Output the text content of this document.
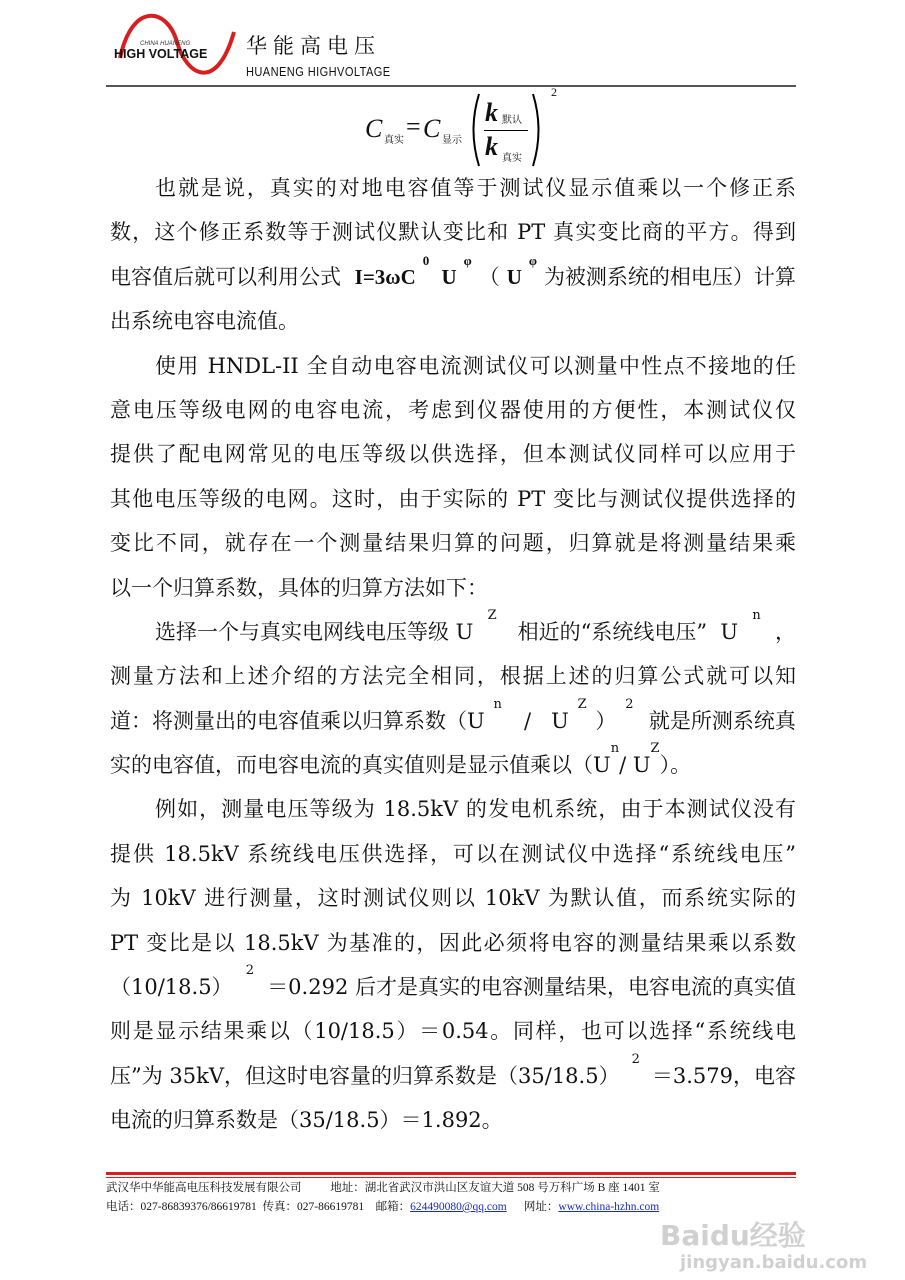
CHINA HUANENG
HIGH VOLTAGE 华能高电压
HUANENG HIGHVOLTAGE
C 真实 = C 显示
k 默认
k 真实
2
也就是说，真实的对地电容值等于测试仪显示值乘以一个修正系
数，这个修正系数等于测试仪默认变比和 PT 真实变比商的平方。得到
电容值后就可以利用公式 I=3ωC
0
U
φ
（ U
φ
为被测系统的相电压）计算
出系统电容电流值。
使用 HNDL-II 全自动电容电流测试仪可以测量中性点不接地的任
意电压等级电网的电容电流，考虑到仪器使用的方便性，本测试仪仅
提供了配电网常见的电压等级以供选择，但本测试仪同样可以应用于
其他电压等级的电网。这时，由于实际的 PT 变比与测试仪提供选择的
变比不同，就存在一个测量结果归算的问题，归算就是将测量结果乘
以一个归算系数，具体的归算方法如下：
选择一个与真实电网线电压等级 U
Z
相近的“系统线电压”  U
n
，
测量方法和上述介绍的方法完全相同，根据上述的归算公式就可以知
道：将测量出的电容值乘以归算系数（U
n
/   U
Z
）
2
就是所测系统真
实的电容值，而电容电流的真实值则是显示值乘以（U
n
/ U
Z
）。
例如，测量电压等级为 18.5kV 的发电机系统，由于本测试仪没有
提供 18.5kV 系统线电压供选择，可以在测试仪中选择“系统线电压”
为 10kV 进行测量，这时测试仪则以 10kV 为默认值，而系统实际的
PT 变比是以 18.5kV 为基准的，因此必须将电容的测量结果乘以系数
（10/18.5）
2
＝0.292 后才是真实的电容测量结果，电容电流的真实值
则是显示结果乘以（10/18.5）＝0.54。同样，也可以选择“系统线电
压”为 35kV，但这时电容量的归算系数是（35/18.5）
2
＝3.579，电容
电流的归算系数是（35/18.5）＝1.892。
武汉华中华能高电压科技发展有限公司	地址：湖北省武汉市洪山区友谊大道 508 号万科广场 B 座 1401 室
电话：027-86839376/86619781 传真：027-86619781 邮箱：624490080@qq.com 网址：www.china-hzhn.com
Baidu经验
jingyan.baidu.com
